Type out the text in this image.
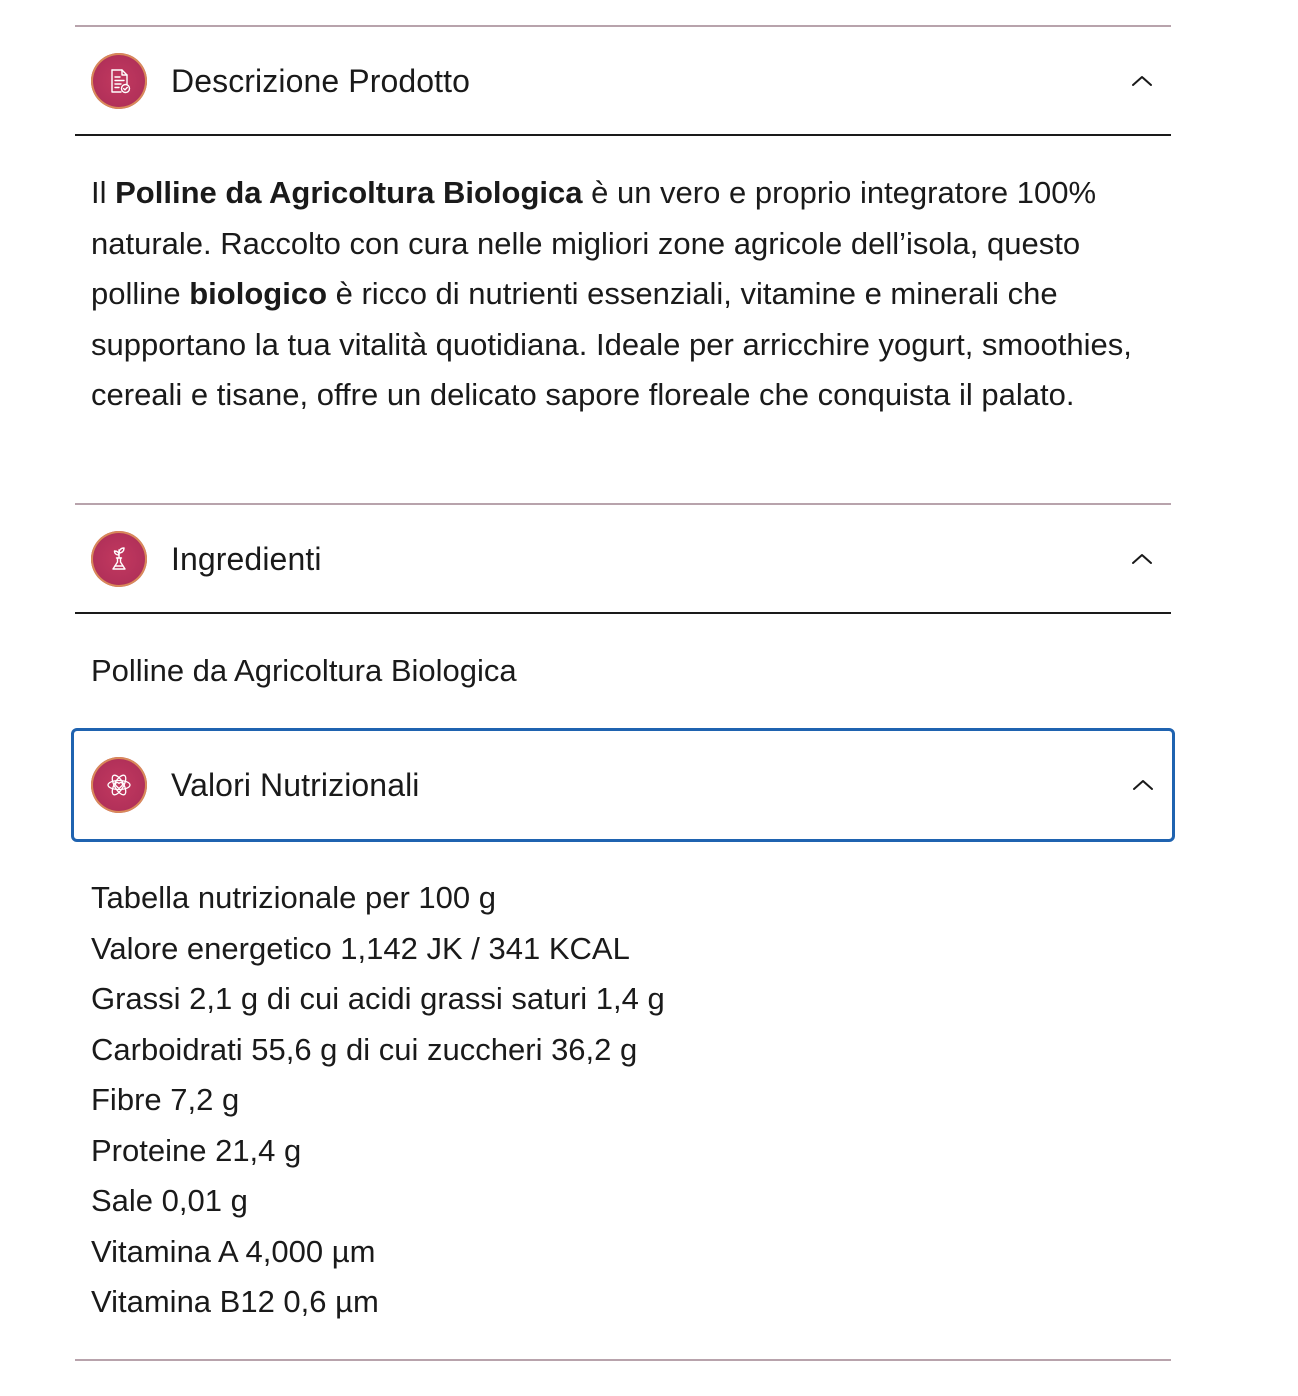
Descrizione Prodotto
Il Polline da Agricoltura Biologica è un vero e proprio integratore 100% naturale. Raccolto con cura nelle migliori zone agricole dell’isola, questo polline biologico è ricco di nutrienti essenziali, vitamine e minerali che supportano la tua vitalità quotidiana. Ideale per arricchire yogurt, smoothies, cereali e tisane, offre un delicato sapore floreale che conquista il palato.
Ingredienti
Polline da Agricoltura Biologica
Valori Nutrizionali
Tabella nutrizionale per 100 g
Valore energetico 1,142 JK / 341 KCAL
Grassi 2,1 g di cui acidi grassi saturi 1,4 g
Carboidrati 55,6 g di cui zuccheri 36,2 g
Fibre 7,2 g
Proteine 21,4 g
Sale 0,01 g
Vitamina A 4,000 µm
Vitamina B12 0,6 µm
